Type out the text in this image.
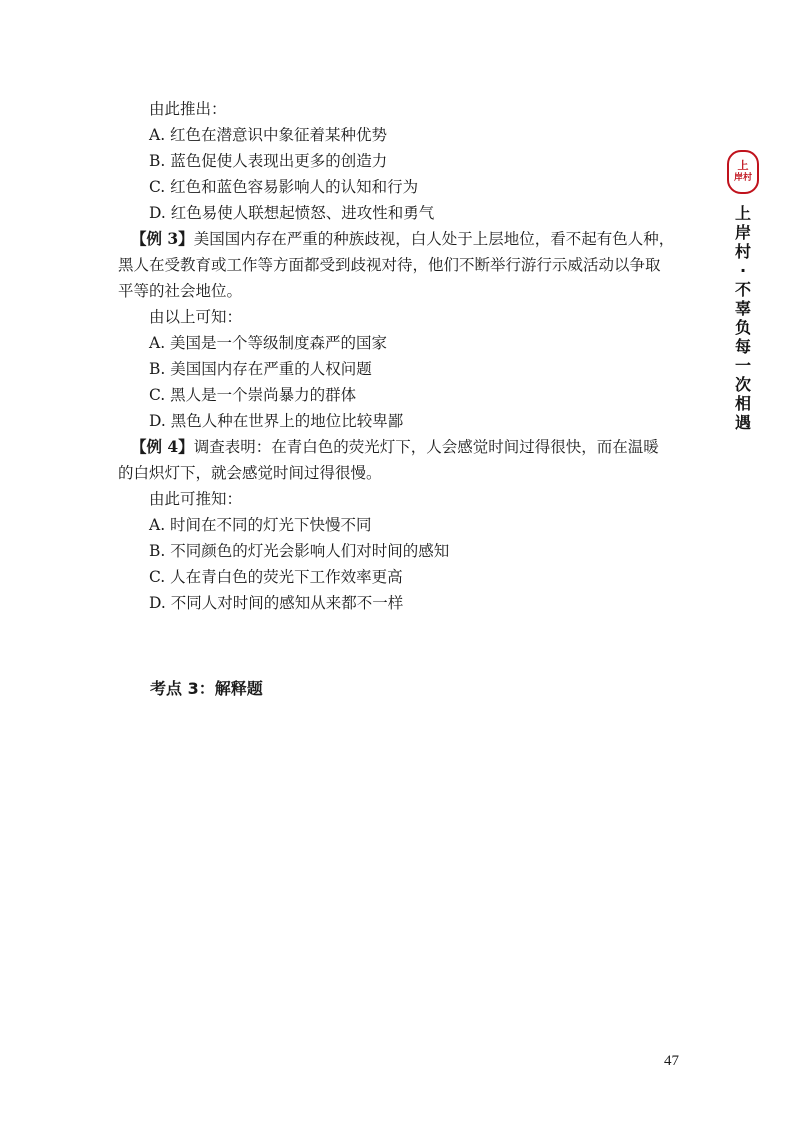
由此推出：

A. 红色在潜意识中象征着某种优势

B. 蓝色促使人表现出更多的创造力

C. 红色和蓝色容易影响人的认知和行为

D. 红色易使人联想起愤怒、进攻性和勇气

【例 3】美国国内存在严重的种族歧视，白人处于上层地位，看不起有色人种，

黑人在受教育或工作等方面都受到歧视对待，他们不断举行游行示威活动以争取

平等的社会地位。

由以上可知：

A. 美国是一个等级制度森严的国家

B. 美国国内存在严重的人权问题

C. 黑人是一个崇尚暴力的群体

D. 黑色人种在世界上的地位比较卑鄙

【例 4】调查表明：在青白色的荧光灯下，人会感觉时间过得很快，而在温暖

的白炽灯下，就会感觉时间过得很慢。

由此可推知：

A. 时间在不同的灯光下快慢不同

B. 不同颜色的灯光会影响人们对时间的感知

C. 人在青白色的荧光下工作效率更高

D. 不同人对时间的感知从来都不一样

考点 3：解释题
47
上
岸村
上
岸
村
·
不
辜
负
每
一
次
相
遇
